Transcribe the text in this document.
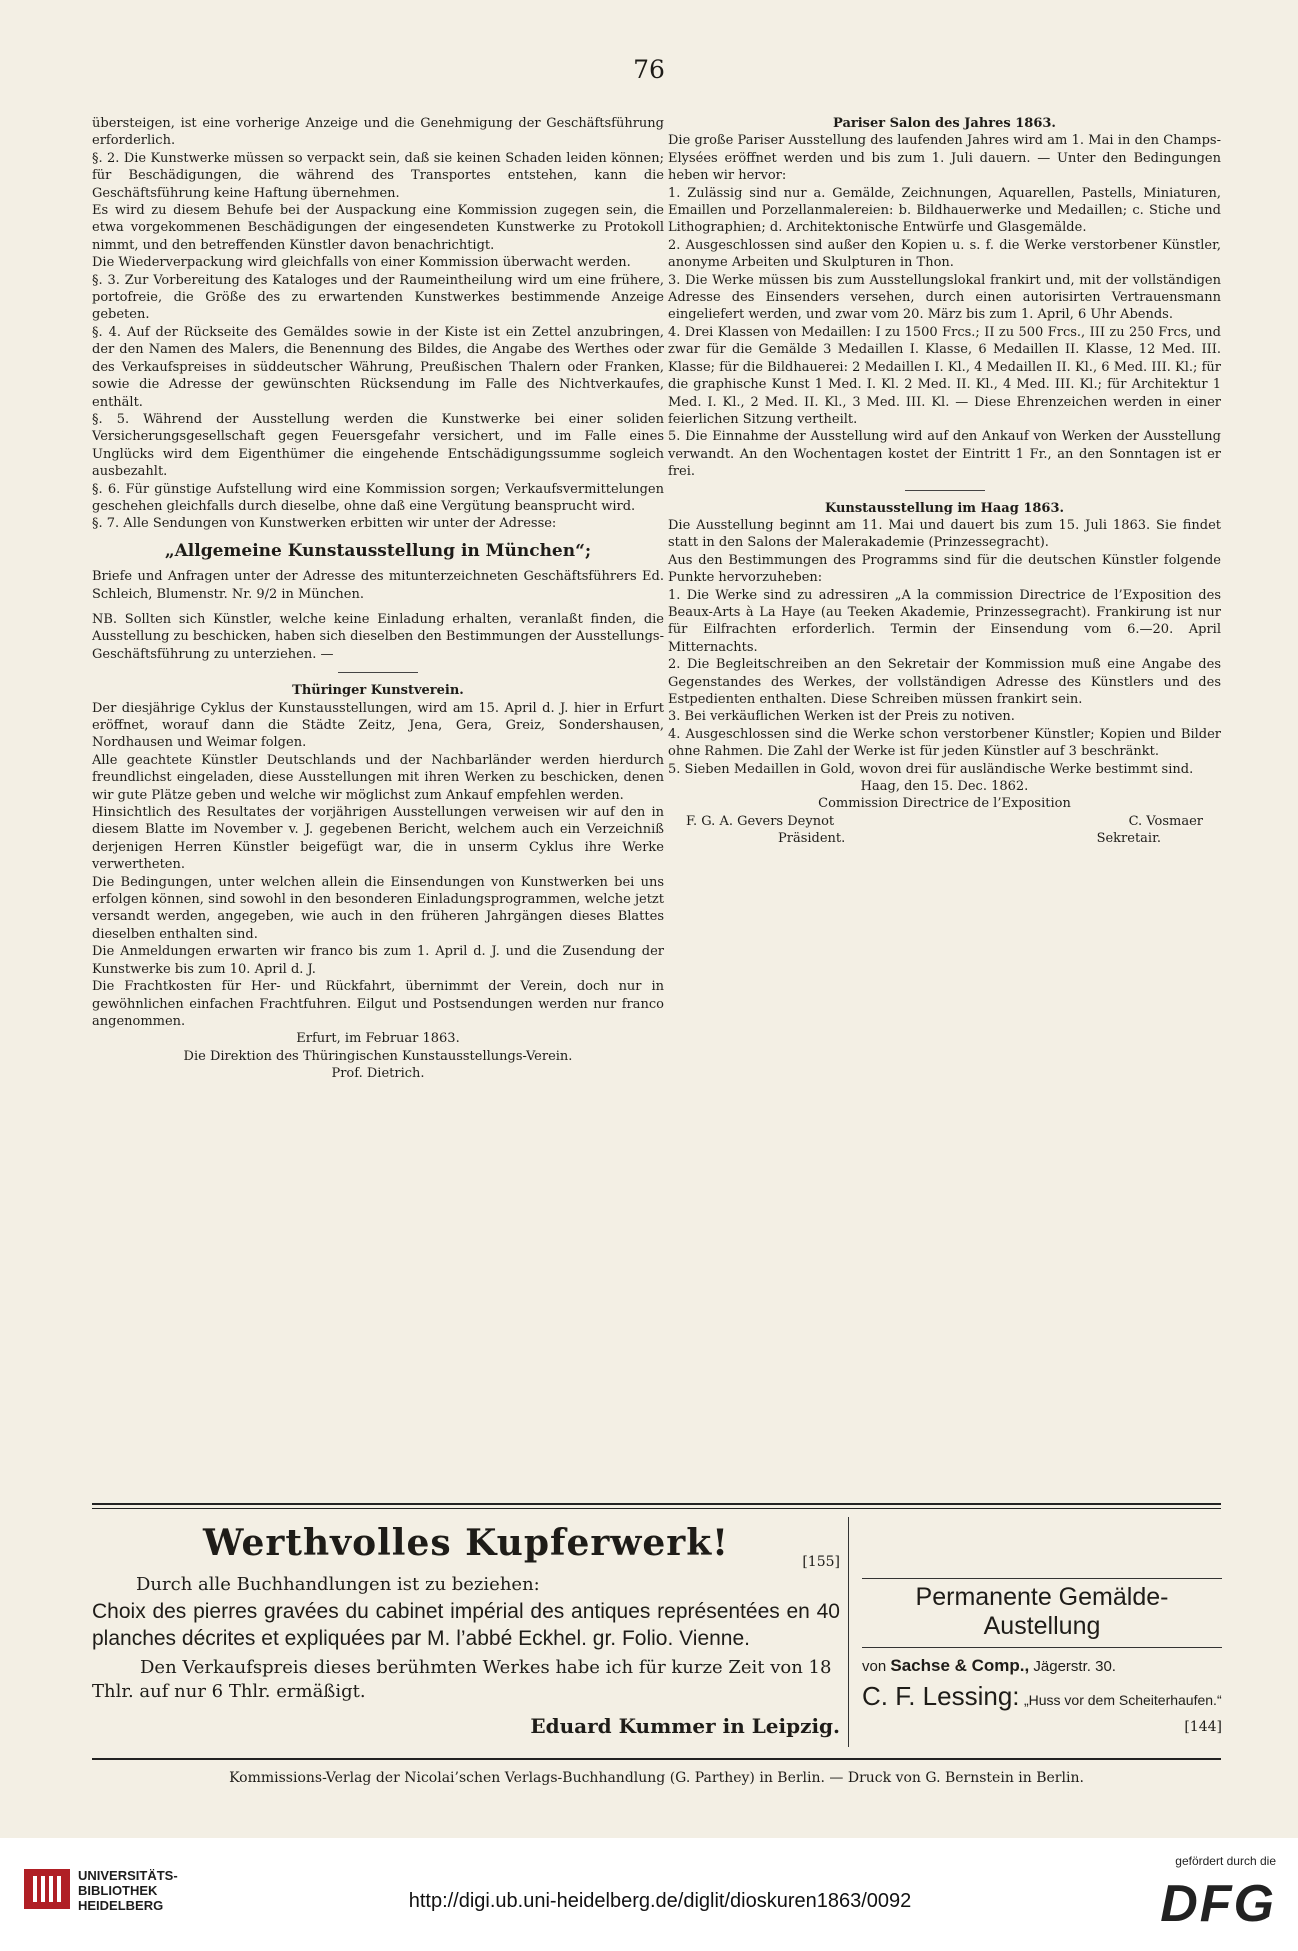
76

übersteigen, ist eine vorherige Anzeige und die Genehmigung der Geschäftsführung erforderlich.

§. 2. Die Kunstwerke müssen so verpackt sein, daß sie keinen Schaden leiden können; für Beschädigungen, die während des Transportes entstehen, kann die Geschäftsführung keine Haftung übernehmen.

Es wird zu diesem Behufe bei der Auspackung eine Kommission zugegen sein, die etwa vorgekommenen Beschädigungen der eingesendeten Kunstwerke zu Protokoll nimmt, und den betreffenden Künstler davon benachrichtigt.

Die Wiederverpackung wird gleichfalls von einer Kommission überwacht werden.

§. 3. Zur Vorbereitung des Kataloges und der Raumeintheilung wird um eine frühere, portofreie, die Größe des zu erwartenden Kunstwerkes bestimmende Anzeige gebeten.

§. 4. Auf der Rückseite des Gemäldes sowie in der Kiste ist ein Zettel anzubringen, der den Namen des Malers, die Benennung des Bildes, die Angabe des Werthes oder des Verkaufspreises in süddeutscher Währung, Preußischen Thalern oder Franken, sowie die Adresse der gewünschten Rücksendung im Falle des Nichtverkaufes, enthält.

§. 5. Während der Ausstellung werden die Kunstwerke bei einer soliden Versicherungsgesellschaft gegen Feuersgefahr versichert, und im Falle eines Unglücks wird dem Eigenthümer die eingehende Entschädigungssumme sogleich ausbezahlt.

§. 6. Für günstige Aufstellung wird eine Kommission sorgen; Verkaufsvermittelungen geschehen gleichfalls durch dieselbe, ohne daß eine Vergütung beansprucht wird.

§. 7. Alle Sendungen von Kunstwerken erbitten wir unter der Adresse:

„Allgemeine Kunstausstellung in München“;

Briefe und Anfragen unter der Adresse des mitunterzeichneten Geschäftsführers Ed. Schleich, Blumenstr. Nr. 9/2 in München.

NB. Sollten sich Künstler, welche keine Einladung erhalten, veranlaßt finden, die Ausstellung zu beschicken, haben sich dieselben den Bestimmungen der Ausstellungs-Geschäftsführung zu unterziehen. —

Thüringer Kunstverein.

Der diesjährige Cyklus der Kunstausstellungen, wird am 15. April d. J. hier in Erfurt eröffnet, worauf dann die Städte Zeitz, Jena, Gera, Greiz, Sondershausen, Nordhausen und Weimar folgen.

Alle geachtete Künstler Deutschlands und der Nachbarländer werden hierdurch freundlichst eingeladen, diese Ausstellungen mit ihren Werken zu beschicken, denen wir gute Plätze geben und welche wir möglichst zum Ankauf empfehlen werden.

Hinsichtlich des Resultates der vorjährigen Ausstellungen verweisen wir auf den in diesem Blatte im November v. J. gegebenen Bericht, welchem auch ein Verzeichniß derjenigen Herren Künstler beigefügt war, die in unserm Cyklus ihre Werke verwertheten.

Die Bedingungen, unter welchen allein die Einsendungen von Kunstwerken bei uns erfolgen können, sind sowohl in den besonderen Einladungsprogrammen, welche jetzt versandt werden, angegeben, wie auch in den früheren Jahrgängen dieses Blattes dieselben enthalten sind.

Die Anmeldungen erwarten wir franco bis zum 1. April d. J. und die Zusendung der Kunstwerke bis zum 10. April d. J.

Die Frachtkosten für Her- und Rückfahrt, übernimmt der Verein, doch nur in gewöhnlichen einfachen Frachtfuhren. Eilgut und Postsendungen werden nur franco angenommen.

Erfurt, im Februar 1863.

Die Direktion des Thüringischen Kunstausstellungs-Verein.

Prof. Dietrich.

Pariser Salon des Jahres 1863.

Die große Pariser Ausstellung des laufenden Jahres wird am 1. Mai in den Champs-Elysées eröffnet werden und bis zum 1. Juli dauern. — Unter den Bedingungen heben wir hervor:

1. Zulässig sind nur a. Gemälde, Zeichnungen, Aquarellen, Pastells, Miniaturen, Emaillen und Porzellanmalereien: b. Bildhauerwerke und Medaillen; c. Stiche und Lithographien; d. Architektonische Entwürfe und Glasgemälde.

2. Ausgeschlossen sind außer den Kopien u. s. f. die Werke verstorbener Künstler, anonyme Arbeiten und Skulpturen in Thon.

3. Die Werke müssen bis zum Ausstellungslokal frankirt und, mit der vollständigen Adresse des Einsenders versehen, durch einen autorisirten Vertrauensmann eingeliefert werden, und zwar vom 20. März bis zum 1. April, 6 Uhr Abends.

4. Drei Klassen von Medaillen: I zu 1500 Frcs.; II zu 500 Frcs., III zu 250 Frcs, und zwar für die Gemälde 3 Medaillen I. Klasse, 6 Medaillen II. Klasse, 12 Med. III. Klasse; für die Bildhauerei: 2 Medaillen I. Kl., 4 Medaillen II. Kl., 6 Med. III. Kl.; für die graphische Kunst 1 Med. I. Kl. 2 Med. II. Kl., 4 Med. III. Kl.; für Architektur 1 Med. I. Kl., 2 Med. II. Kl., 3 Med. III. Kl. — Diese Ehrenzeichen werden in einer feierlichen Sitzung vertheilt.

5. Die Einnahme der Ausstellung wird auf den Ankauf von Werken der Ausstellung verwandt. An den Wochentagen kostet der Eintritt 1 Fr., an den Sonntagen ist er frei.

Kunstausstellung im Haag 1863.

Die Ausstellung beginnt am 11. Mai und dauert bis zum 15. Juli 1863. Sie findet statt in den Salons der Malerakademie (Prinzessegracht).

Aus den Bestimmungen des Programms sind für die deutschen Künstler folgende Punkte hervorzuheben:

1. Die Werke sind zu adressiren „A la commission Directrice de l’Exposition des Beaux-Arts à La Haye (au Teeken Akademie, Prinzessegracht). Frankirung ist nur für Eilfrachten erforderlich. Termin der Einsendung vom 6.—20. April Mitternachts.

2. Die Begleitschreiben an den Sekretair der Kommission muß eine Angabe des Gegenstandes des Werkes, der vollständigen Adresse des Künstlers und des Estpedienten enthalten. Diese Schreiben müssen frankirt sein.

3. Bei verkäuflichen Werken ist der Preis zu notiven.

4. Ausgeschlossen sind die Werke schon verstorbener Künstler; Kopien und Bilder ohne Rahmen. Die Zahl der Werke ist für jeden Künstler auf 3 beschränkt.

5. Sieben Medaillen in Gold, wovon drei für ausländische Werke bestimmt sind.

Haag, den 15. Dec. 1862.

Commission Directrice de l’Exposition

F. G. A. Gevers Deynot	C. Vosmaer
Präsident.	Sekretair.
Werthvolles Kupferwerk!	[155]
Durch alle Buchhandlungen ist zu beziehen:
Choix des pierres gravées du cabinet impérial des antiques représentées en 40 planches décrites et expliquées par M. l’abbé Eckhel. gr. Folio. Vienne.
Den Verkaufspreis dieses berühmten Werkes habe ich für kurze Zeit von 18 Thlr. auf nur 6 Thlr. ermäßigt.
Eduard Kummer in Leipzig.
Permanente Gemälde-Austellung
von Sachse & Comp., Jägerstr. 30.
C. F. Lessing: „Huss vor dem Scheiterhaufen.“
[144]
Kommissions-Verlag der Nicolai’schen Verlags-Buchhandlung (G. Parthey) in Berlin. — Druck von G. Bernstein in Berlin.
UNIVERSITÄTS-
BIBLIOTHEK
HEIDELBERG	http://digi.ub.uni-heidelberg.de/diglit/dioskuren1863/0092
gefördert durch die
DFG
